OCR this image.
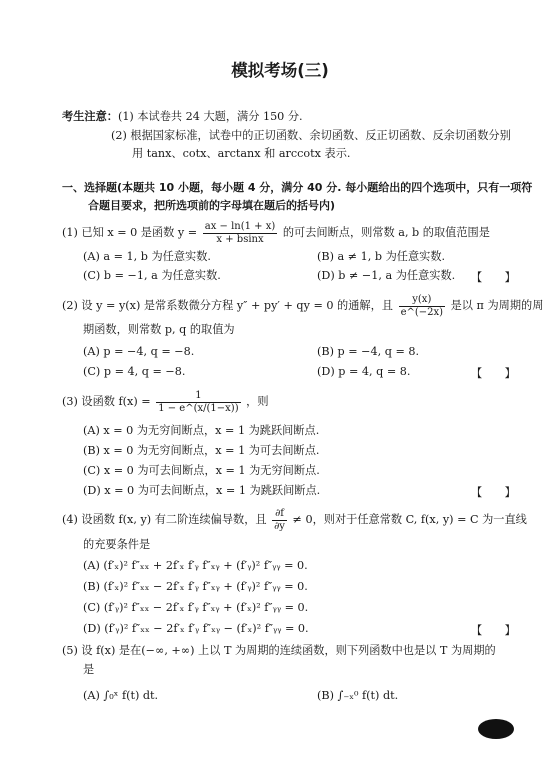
模拟考场(三)
考生注意：(1) 本试卷共 24 大题，满分 150 分.
(2) 根据国家标准，试卷中的正切函数、余切函数、反正切函数、反余切函数分别
用 tanx、cotx、arctanx 和 arccotx 表示.
一、选择题(本题共 10 小题，每小题 4 分，满分 40 分. 每小题给出的四个选项中，只有一项符
合题目要求，把所选项前的字母填在题后的括号内)
(1) 已知 x = 0 是函数 $y = \frac{ax - \ln(1 + x)}{x + bsinx}$ 的可去间断点，则常数 a, b 的取值范围是
(A) a = 1, b 为任意实数.	(B) a ≠ 1, b 为任意实数.
(C) b = −1, a 为任意实数.	(D) b ≠ −1, a 为任意实数. 【　　】
(2) 设 y = y(x) 是常系数微分方程 y″ + py′ + qy = 0 的通解，且 $\frac{y(x)}{e\^{}(-2x)}$ 是以 π 为周期的周
期函数，则常数 p, q 的取值为
(A) p = −4, q = −8.	(B) p = −4, q = 8.
(C) p = 4, q = −8.	(D) p = 4, q = 8.	【　　】
(3) 设函数 $f(x) = \frac{1}{1 - e\^{}(x/(1-x))}$ ，则
(A) x = 0 为无穷间断点，x = 1 为跳跃间断点.
(B) x = 0 为无穷间断点，x = 1 为可去间断点.
(C) x = 0 为可去间断点，x = 1 为无穷间断点.
(D) x = 0 为可去间断点，x = 1 为跳跃间断点.	【　　】
(4) 设函数 f(x, y) 有二阶连续偏导数，且 $\frac{\partial f}{\partial y} \ne 0$，则对于任意常数 C, f(x, y) = C 为一直线
的充要条件是
(A) (f′ₓ)² f″ₓₓ + 2f′ₓ f′ᵧ f″ₓᵧ + (f′ᵧ)² f″ᵧᵧ = 0.
(B) (f′ₓ)² f″ₓₓ − 2f′ₓ f′ᵧ f″ₓᵧ + (f′ᵧ)² f″ᵧᵧ = 0.
(C) (f′ᵧ)² f″ₓₓ − 2f′ₓ f′ᵧ f″ₓᵧ + (f′ₓ)² f″ᵧᵧ = 0.
(D) (f′ᵧ)² f″ₓₓ − 2f′ₓ f′ᵧ f″ₓᵧ − (f′ₓ)² f″ᵧᵧ = 0.	【　　】
(5) 设 f(x) 是在(−∞, +∞) 上以 T 为周期的连续函数，则下列函数中也是以 T 为周期的
是
(A) ∫₀ˣ f(t) dt.	(B) ∫₋ₓ⁰ f(t) dt.
